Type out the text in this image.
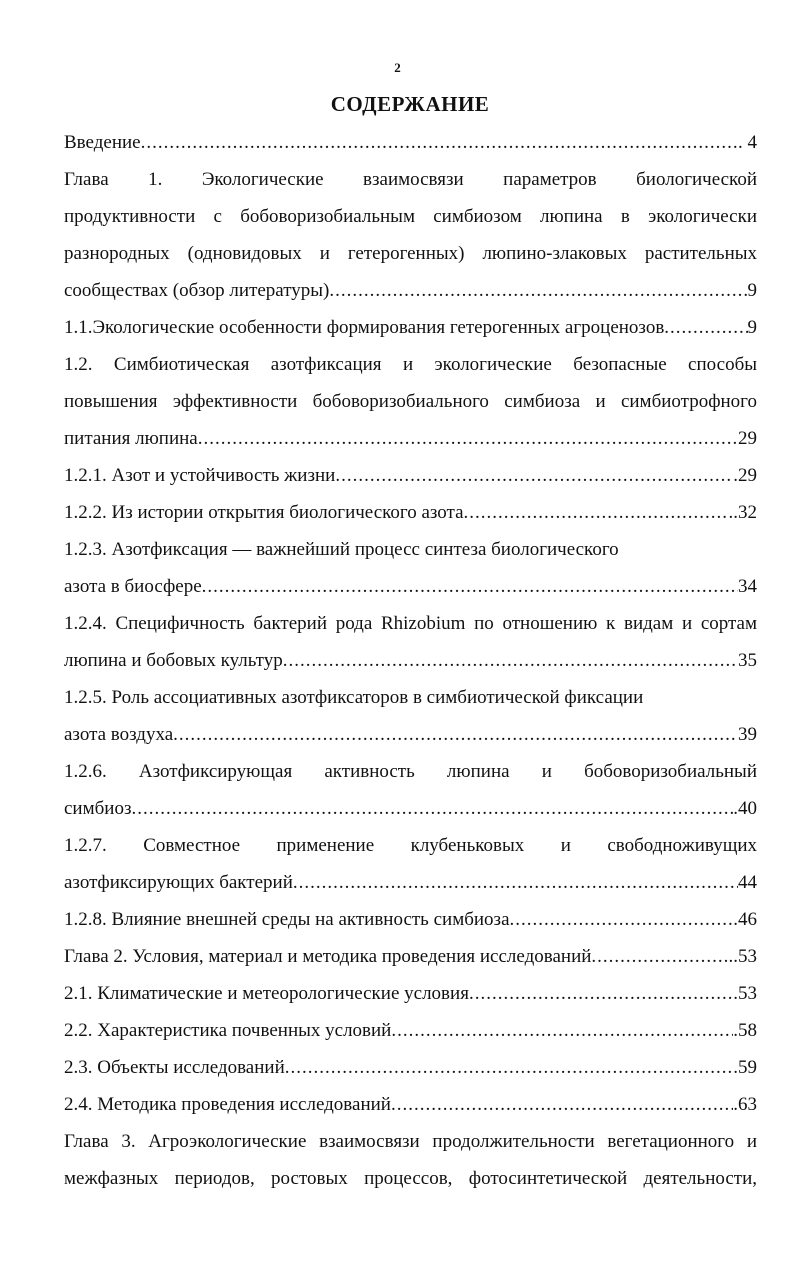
2
СОДЕРЖАНИЕ
Введение .....	. 4
Глава 1. Экологические взаимосвязи параметров биологической
продуктивности с бобоворизобиальным симбиозом люпина в экологически
разнородных (одновидовых и гетерогенных) люпино-злаковых растительных
сообществах (обзор литературы) .....	9
1.1.Экологические особенности формирования гетерогенных агроценозов .....	9
1.2. Симбиотическая азотфиксация и экологические безопасные способы
повышения эффективности бобоворизобиального симбиоза и симбиотрофного
питания люпина .....	29
1.2.1. Азот и устойчивость жизни .....	.29
1.2.2. Из истории открытия биологического азота .....	..32
1.2.3. Азотфиксация — важнейший процесс синтеза биологического
азота в биосфере .....	34
1.2.4. Специфичность бактерий рода Rhizobium по отношению к видам и сортам
люпина и бобовых культур .....	35
1.2.5. Роль ассоциативных азотфиксаторов в симбиотической фиксации
азота воздуха .....	39
1.2.6. Азотфиксирующая активность люпина и бобоворизобиальный
симбиоз .....	.40
1.2.7. Совместное применение клубеньковых и свободноживущих
азотфиксирующих бактерий .....	44
1.2.8. Влияние внешней среды на активность симбиоза .....	.46
Глава 2. Условия, материал и методика проведения исследований .....	..53
2.1. Климатические и метеорологические условия .....	.53
2.2. Характеристика почвенных условий .....	.58
2.3. Объекты исследований .....	.59
2.4. Методика проведения исследований .....	.63
Глава 3. Агроэкологические взаимосвязи продолжительности вегетационного и
межфазных периодов, ростовых процессов, фотосинтетической деятельности,
